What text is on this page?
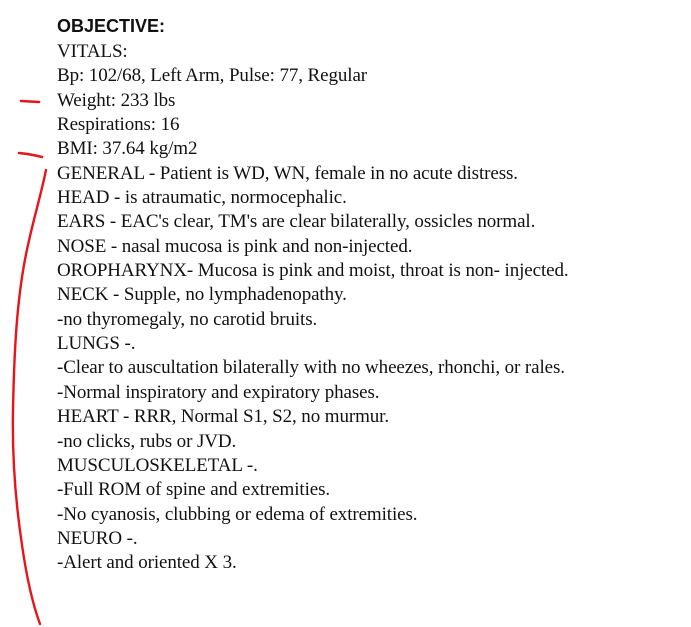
OBJECTIVE:
VITALS:
Bp: 102/68, Left Arm, Pulse: 77, Regular
Weight: 233 lbs
Respirations: 16
BMI: 37.64 kg/m2
GENERAL - Patient is WD, WN, female in no acute distress.
HEAD - is atraumatic, normocephalic.
EARS - EAC's clear, TM's are clear bilaterally, ossicles normal.
NOSE - nasal mucosa is pink and non-injected.
OROPHARYNX- Mucosa is pink and moist, throat is non- injected.
NECK - Supple, no lymphadenopathy.
-no thyromegaly, no carotid bruits.
LUNGS -.
-Clear to auscultation bilaterally with no wheezes, rhonchi, or rales.
-Normal inspiratory and expiratory phases.
HEART - RRR, Normal S1, S2, no murmur.
-no clicks, rubs or JVD.
MUSCULOSKELETAL -.
-Full ROM of spine and extremities.
-No cyanosis, clubbing or edema of extremities.
NEURO -.
-Alert and oriented X 3.
